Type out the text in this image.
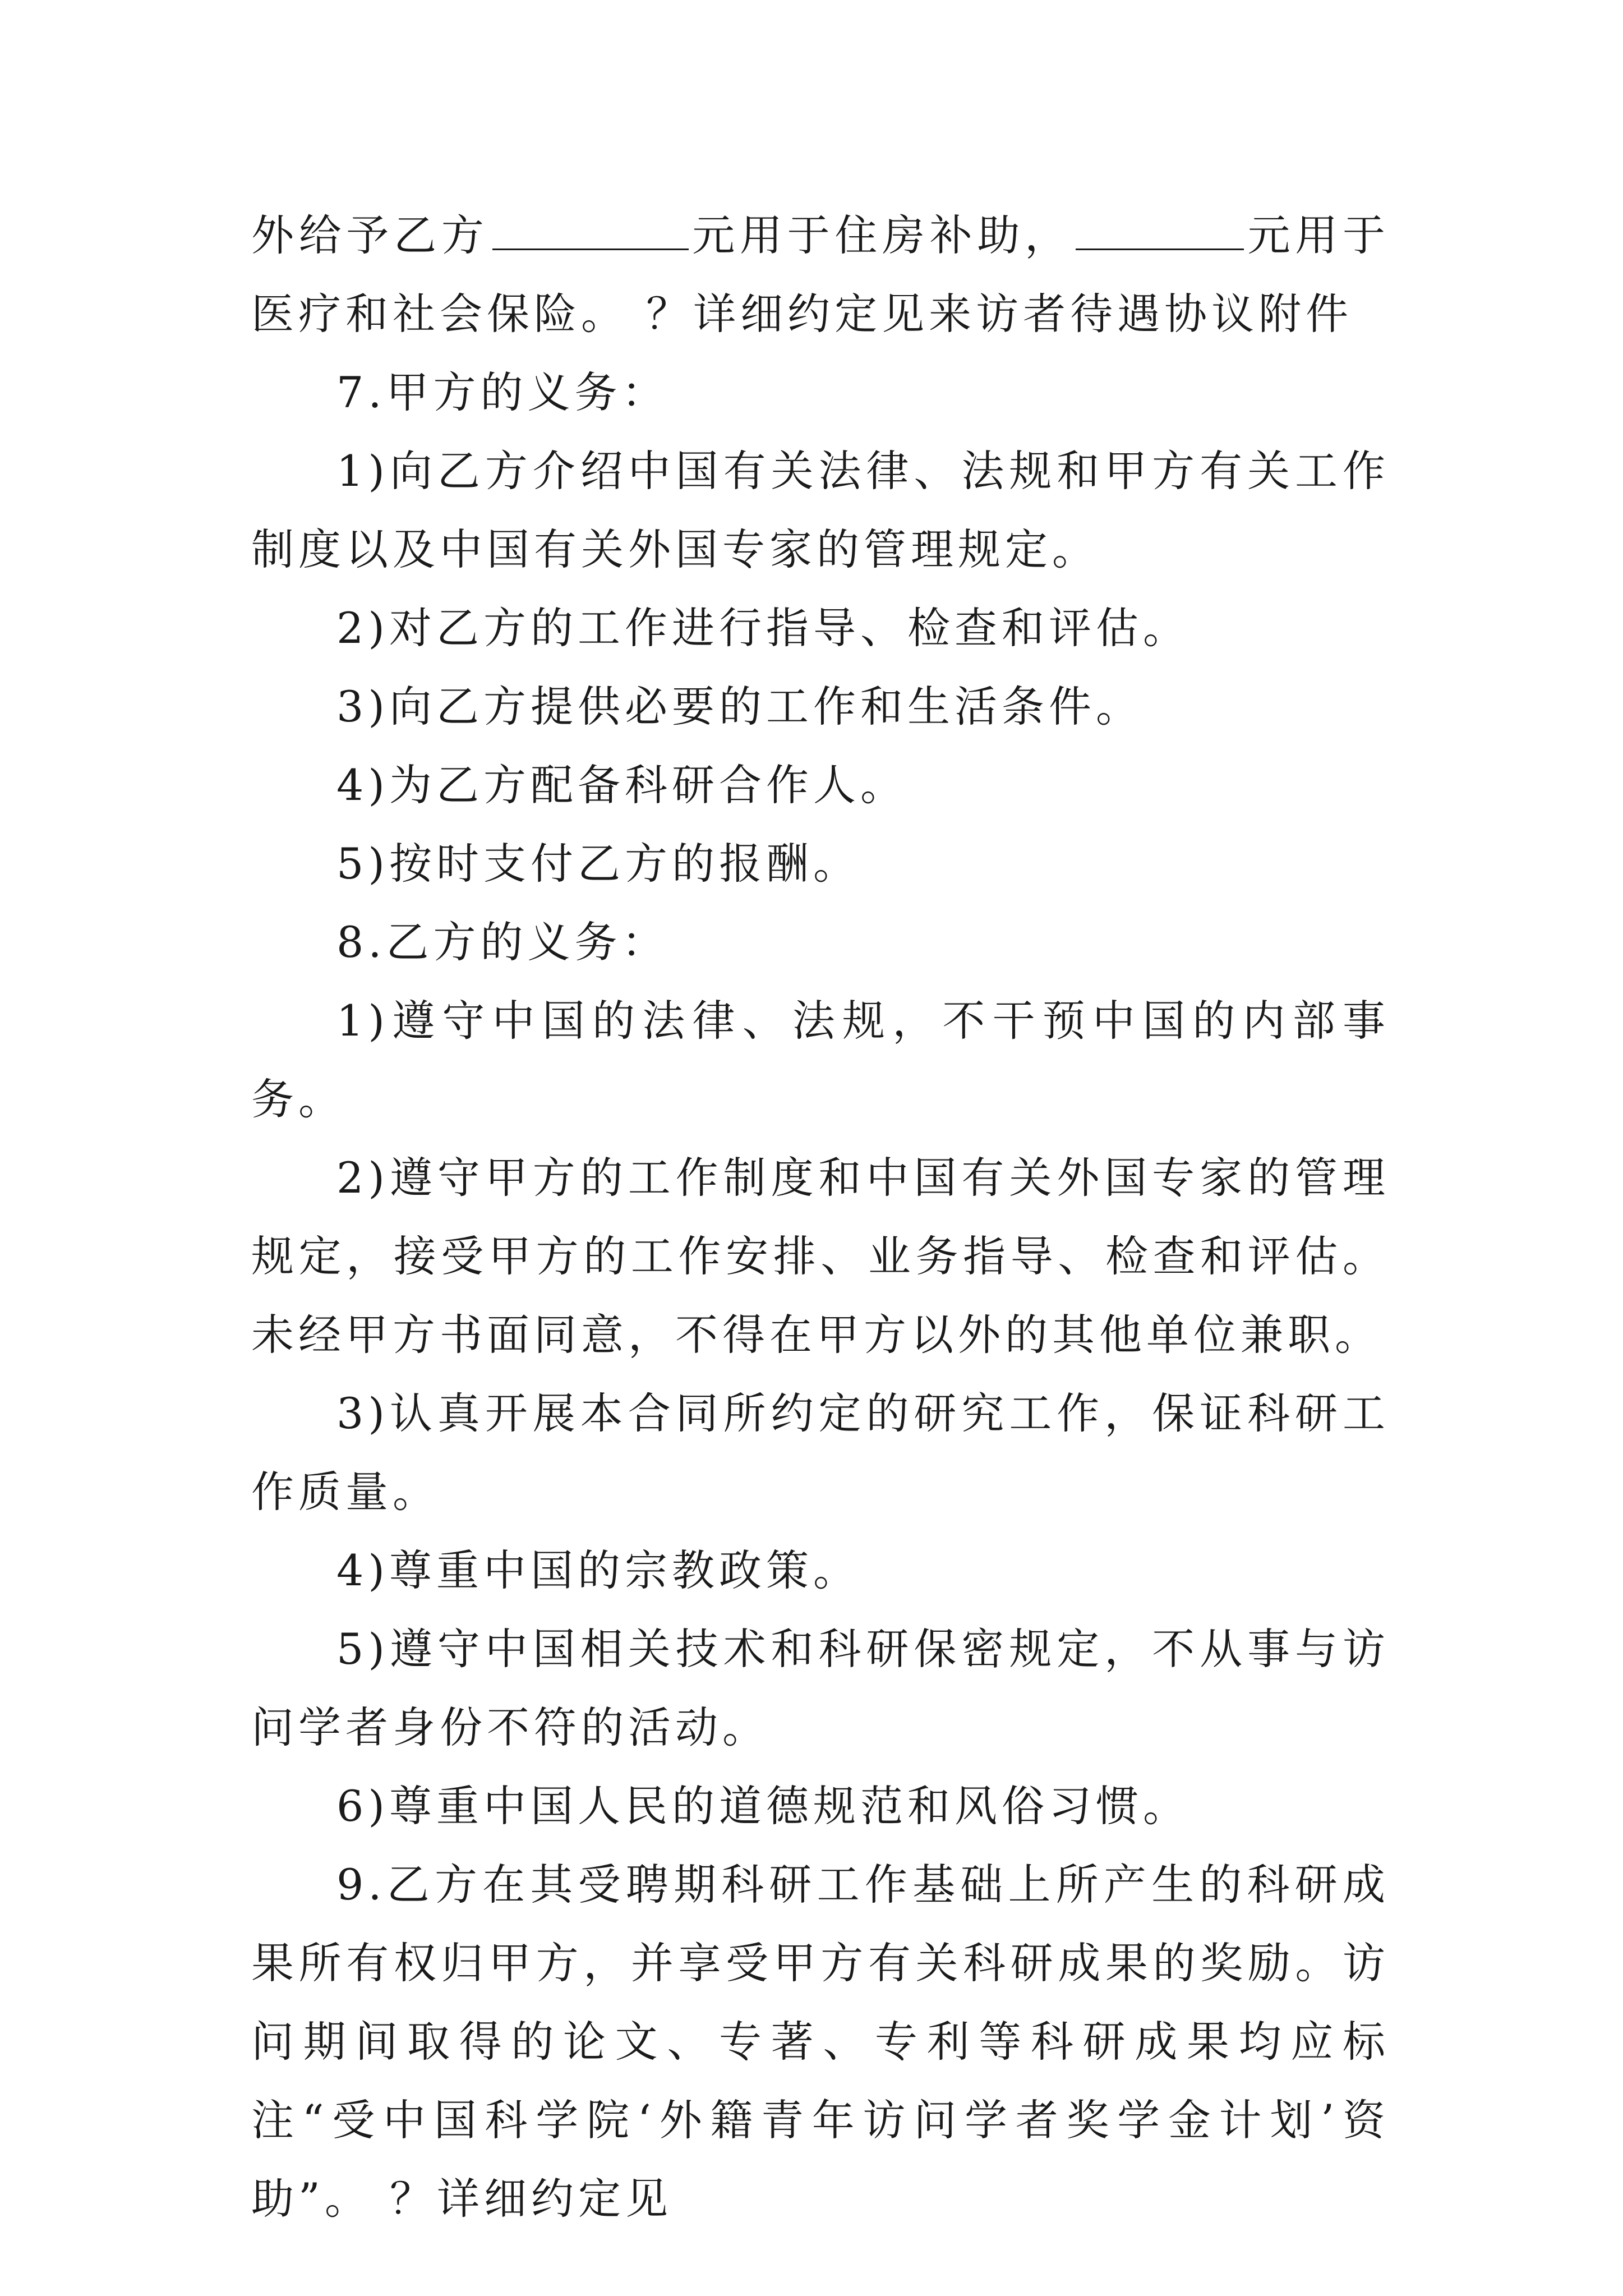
外给予乙方	元用于住房补助，	元用于医疗和社会保险。 ？详细约定见来访者待遇协议附件

7.甲方的义务：

1)向乙方介绍中国有关法律、法规和甲方有关工作制度以及中国有关外国专家的管理规定。

2)对乙方的工作进行指导、检查和评估。

3)向乙方提供必要的工作和生活条件。

4)为乙方配备科研合作人。

5)按时支付乙方的报酬。

8.乙方的义务：

1)遵守中国的法律、法规，不干预中国的内部事务。

2)遵守甲方的工作制度和中国有关外国专家的管理规定，接受甲方的工作安排、业务指导、检查和评估。未经甲方书面同意，不得在甲方以外的其他单位兼职。

3)认真开展本合同所约定的研究工作，保证科研工作质量。

4)尊重中国的宗教政策。

5)遵守中国相关技术和科研保密规定，不从事与访问学者身份不符的活动。

6)尊重中国人民的道德规范和风俗习惯。

9.乙方在其受聘期科研工作基础上所产生的科研成果所有权归甲方，并享受甲方有关科研成果的奖励。访问期间取得的论文、专著、专利等科研成果均应标注“受中国科学院‘外籍青年访问学者奖学金计划’资助”。 ？详细约定见
